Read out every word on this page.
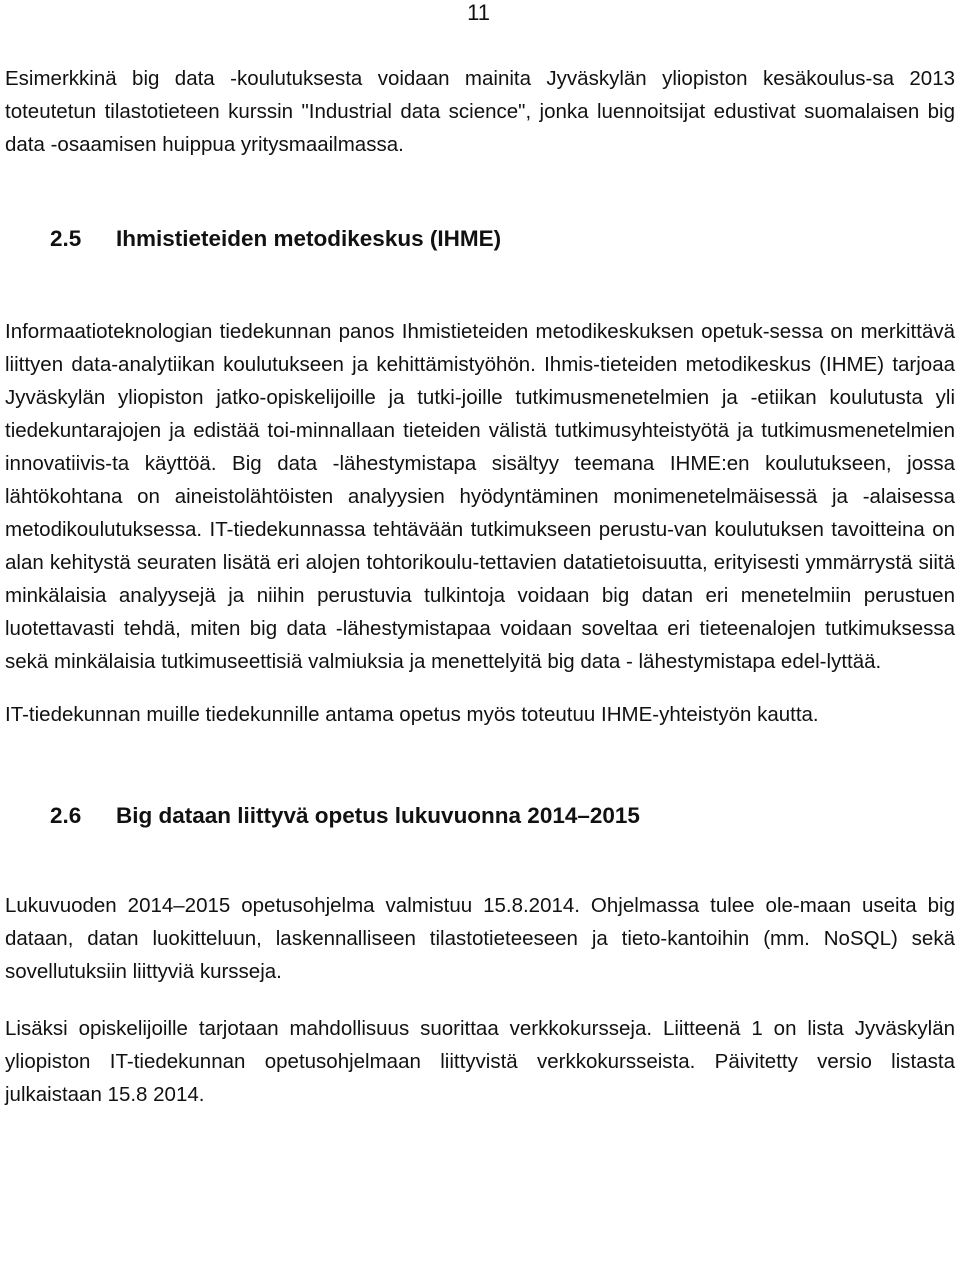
11

Esimerkkinä big data -koulutuksesta voidaan mainita Jyväskylän yliopiston kesäkoulus-sa 2013 toteutetun tilastotieteen kurssin "Industrial data science", jonka luennoitsijat edustivat suomalaisen big data -osaamisen huippua yritysmaailmassa.

2.5 Ihmistieteiden metodikeskus (IHME)

Informaatioteknologian tiedekunnan panos Ihmistieteiden metodikeskuksen opetuk-sessa on merkittävä liittyen data-analytiikan koulutukseen ja kehittämistyöhön. Ihmis-tieteiden metodikeskus (IHME) tarjoaa Jyväskylän yliopiston jatko-opiskelijoille ja tutki-joille tutkimusmenetelmien ja -etiikan koulutusta yli tiedekuntarajojen ja edistää toi-minnallaan tieteiden välistä tutkimusyhteistyötä ja tutkimusmenetelmien innovatiivis-ta käyttöä. Big data -lähestymistapa sisältyy teemana IHME:en koulutukseen, jossa lähtökohtana on aineistolähtöisten analyysien hyödyntäminen monimenetelmäisessä ja -alaisessa metodikoulutuksessa. IT-tiedekunnassa tehtävään tutkimukseen perustu-van koulutuksen tavoitteina on alan kehitystä seuraten lisätä eri alojen tohtorikoulu-tettavien datatietoisuutta, erityisesti ymmärrystä siitä minkälaisia analyysejä ja niihin perustuvia tulkintoja voidaan big datan eri menetelmiin perustuen luotettavasti tehdä, miten big data -lähestymistapaa voidaan soveltaa eri tieteenalojen tutkimuksessa sekä minkälaisia tutkimuseettisiä valmiuksia ja menettelyitä big data - lähestymistapa edel-lyttää.

IT-tiedekunnan muille tiedekunnille antama opetus myös toteutuu IHME-yhteistyön kautta.

2.6 Big dataan liittyvä opetus lukuvuonna 2014–2015

Lukuvuoden 2014–2015 opetusohjelma valmistuu 15.8.2014. Ohjelmassa tulee ole-maan useita big dataan, datan luokitteluun, laskennalliseen tilastotieteeseen ja tieto-kantoihin (mm. NoSQL) sekä sovellutuksiin liittyviä kursseja.

Lisäksi opiskelijoille tarjotaan mahdollisuus suorittaa verkkokursseja. Liitteenä 1 on lista Jyväskylän yliopiston IT-tiedekunnan opetusohjelmaan liittyvistä verkkokursseista. Päivitetty versio listasta julkaistaan 15.8 2014.
